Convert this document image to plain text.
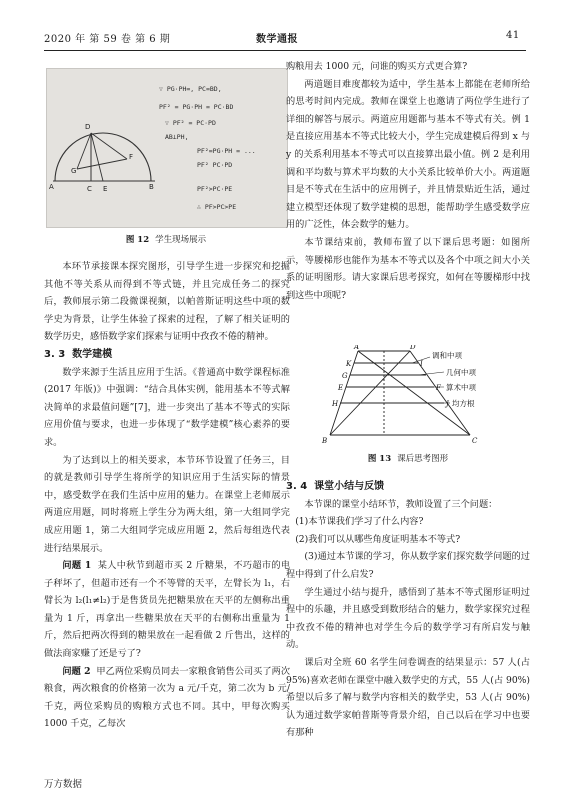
2020 年 第 59 卷 第 6 期	数学通报	41
A	B
C
D
E
F
G
∵ PG·PH=, PC=BD,
PF² = PG·PH = PC·BD
∵ PF² = PC·PD
AB⊥PH,
PF²=PG·PH = ...
PF² PC·PD
PF²>PC·PE
∴ PF>PC>PE
图 12 学生现场展示

本环节承接课本探究图形，引导学生进一步探究和挖掘其他不等关系从而得到不等式链，并且完成任务二的探究后，教师展示第二段微课视频，以帕普斯证明这些中项的数学史为背景，让学生体验了探索的过程，了解了相关证明的数学历史，感悟数学家们探索与证明中孜孜不倦的精神。

3. 3 数学建模

数学来源于生活且应用于生活。《普通高中数学课程标准(2017 年版)》中强调：“结合具体实例，能用基本不等式解决简单的求最值问题”[7]，进一步突出了基本不等式的实际应用价值与要求，也进一步体现了“数学建模”核心素养的要求。

为了达到以上的相关要求，本节环节设置了任务三，目的就是教师引导学生将所学的知识应用于生活实际的情景中，感受数学在我们生活中应用的魅力。在课堂上老师展示两道应用题，同时将班上学生分为两大组，第一大组同学完成应用题 1，第二大组同学完成应用题 2，然后每组选代表进行结果展示。

问题 1 某人中秋节到超市买 2 斤糖果，不巧超市的电子秤坏了，但超市还有一个不等臂的天平，左臂长为 l₁，右臂长为 l₂(l₁≠l₂)于是售货员先把糖果放在天平的左侧称出重量为 1 斤，再拿出一些糖果放在天平的右侧称出重量为 1 斤，然后把两次得到的糖果放在一起看做 2 斤售出，这样的做法商家赚了还是亏了?

问题 2 甲乙两位采购员同去一家粮食销售公司买了两次粮食，两次粮食的价格第一次为 a 元/千克，第二次为 b 元/千克，两位采购员的购粮方式也不同。其中，甲每次购买 1000 千克，乙每次

购粮用去 1000 元，问谁的购买方式更合算?

两道题目难度都较为适中，学生基本上都能在老师所给的思考时间内完成。教师在课堂上也邀请了两位学生进行了详细的解答与展示。两道应用题都与基本不等式有关。例 1 是直接应用基本不等式比较大小，学生完成建模后得到 x 与 y 的关系利用基本不等式可以直接算出最小值。例 2 是利用调和平均数与算术平均数的大小关系比较单价大小。两道题目是不等式在生活中的应用例子，并且情景贴近生活，通过建立模型还体现了数学建模的思想，能帮助学生感受数学应用的广泛性，体会数学的魅力。

本节课结束前，教师布置了以下课后思考题：如图所示，等腰梯形也能作为基本不等式以及各个中项之间大小关系的证明图形。请大家课后思考探究，如何在等腰梯形中找到这些中项呢?

A	D
K
G
E
H
I
F
J
B	C
调和中项
几何中项
算术中项
均方根
图 13 课后思考图形
3. 4 课堂小结与反馈

本节课的课堂小结环节，教师设置了三个问题：

(1)本节课我们学习了什么内容?

(2)我们可以从哪些角度证明基本不等式?

(3)通过本节课的学习，你从数学家们探究数学问题的过程中得到了什么启发?

学生通过小结与提升，感悟到了基本不等式图形证明过程中的乐趣，并且感受到数形结合的魅力，数学家探究过程中孜孜不倦的精神也对学生今后的数学学习有所启发与触动。

课后对全班 60 名学生问卷调查的结果显示：57 人(占 95%)喜欢老师在课堂中融入数学史的方式，55 人(占 90%)希望以后多了解与数学内容相关的数学史，53 人(占 90%)认为通过数学家帕普斯等背景介绍，自己以后在学习中也要有那种

万方数据
